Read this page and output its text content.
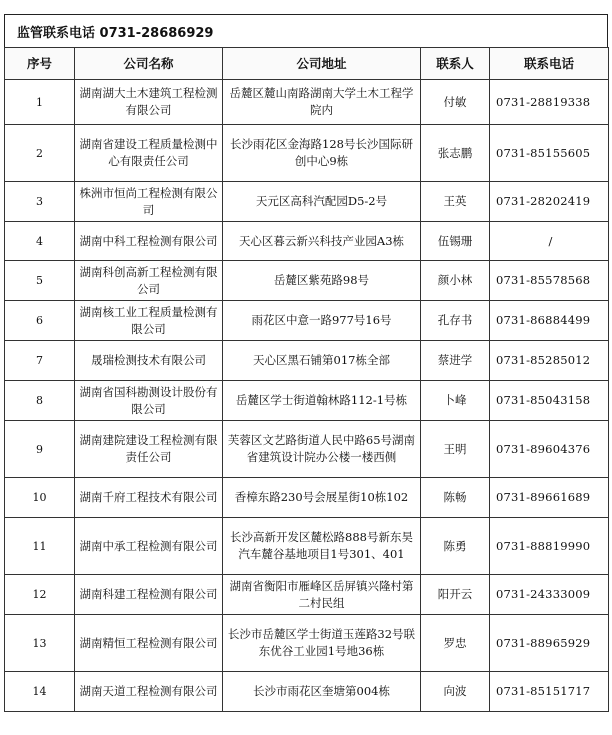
监管联系电话 0731-28686929
序号	公司名称	公司地址	联系人	联系电话
1	湖南湖大土木建筑工程检测有限公司	岳麓区麓山南路湖南大学土木工程学院内	付敏	0731-28819338
2	湖南省建设工程质量检测中心有限责任公司	长沙雨花区金海路128号长沙国际研创中心9栋	张志鹏	0731-85155605
3	株洲市恒尚工程检测有限公司	天元区高科汽配园D5-2号	王英	0731-28202419
4	湖南中科工程检测有限公司	天心区暮云新兴科技产业园A3栋	伍锡珊	/
5	湖南科创高新工程检测有限公司	岳麓区紫苑路98号	颜小林	0731-85578568
6	湖南核工业工程质量检测有限公司	雨花区中意一路977号16号	孔存书	0731-86884499
7	晟瑞检测技术有限公司	天心区黑石铺第017栋全部	蔡进学	0731-85285012
8	湖南省国科勘测设计股份有限公司	岳麓区学士街道翰林路112-1号栋	卜峰	0731-85043158
9	湖南建院建设工程检测有限责任公司	芙蓉区文艺路街道人民中路65号湖南省建筑设计院办公楼一楼西侧	王明	0731-89604376
10	湖南千府工程技术有限公司	香樟东路230号会展星街10栋102	陈畅	0731-89661689
11	湖南中承工程检测有限公司	长沙高新开发区麓松路888号新东昊汽车麓谷基地项目1号301、401	陈勇	0731-88819990
12	湖南科建工程检测有限公司	湖南省衡阳市雁峰区岳屏镇兴隆村第二村民组	阳开云	0731-24333009
13	湖南精恒工程检测有限公司	长沙市岳麓区学士街道玉莲路32号联东优谷工业园1号地36栋	罗忠	0731-88965929
14	湖南天道工程检测有限公司	长沙市雨花区奎塘第004栋	向波	0731-85151717
